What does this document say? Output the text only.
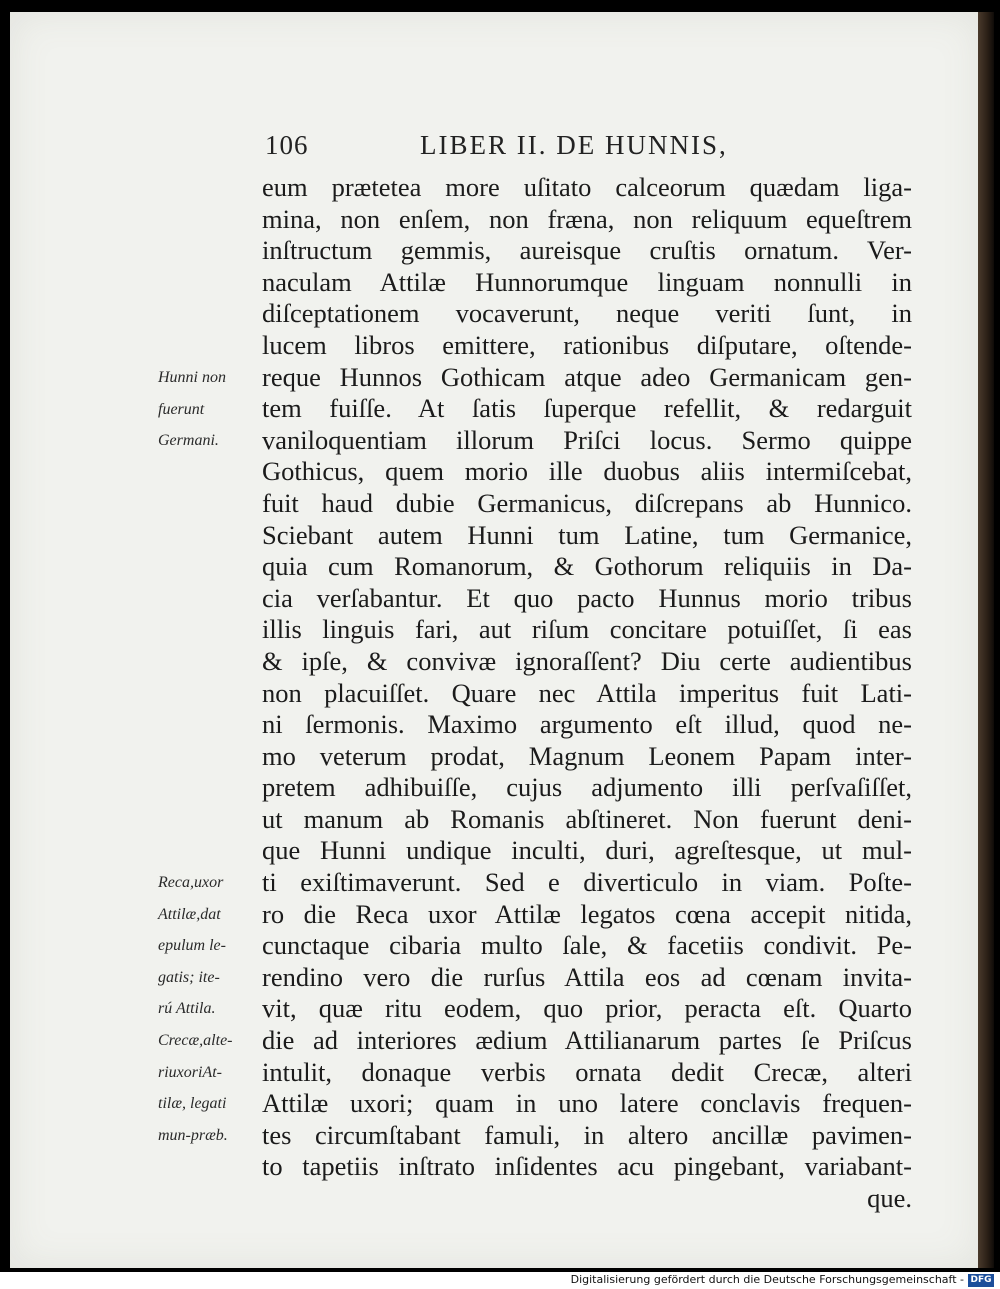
106	LIBER II. DE HUNNIS,
eum prætetea more uſitato calceorum quædam liga-
mina, non enſem, non fræna, non reliquum equeſtrem
inſtructum gemmis, aureisque cruſtis ornatum. Ver-
naculam Attilæ Hunnorumque linguam nonnulli in
diſceptationem vocaverunt, neque veriti ſunt, in
lucem libros emittere, rationibus diſputare, oſtende-
reque Hunnos Gothicam atque adeo Germanicam gen-
tem fuiſſe. At ſatis ſuperque refellit, & redarguit
vaniloquentiam illorum Priſci locus. Sermo quippe
Gothicus, quem morio ille duobus aliis intermiſcebat,
fuit haud dubie Germanicus, diſcrepans ab Hunnico.
Sciebant autem Hunni tum Latine, tum Germanice,
quia cum Romanorum, & Gothorum reliquiis in Da-
cia verſabantur. Et quo pacto Hunnus morio tribus
illis linguis fari, aut riſum concitare potuiſſet, ſi eas
& ipſe, & convivæ ignoraſſent? Diu certe audientibus
non placuiſſet. Quare nec Attila imperitus fuit Lati-
ni ſermonis. Maximo argumento eſt illud, quod ne-
mo veterum prodat, Magnum Leonem Papam inter-
pretem adhibuiſſe, cujus adjumento illi perſvaſiſſet,
ut manum ab Romanis abſtineret. Non fuerunt deni-
que Hunni undique inculti, duri, agreſtesque, ut mul-
ti exiſtimaverunt. Sed e diverticulo in viam. Poſte-
ro die Reca uxor Attilæ legatos cœna accepit nitida,
cunctaque cibaria multo ſale, & facetiis condivit. Pe-
rendino vero die rurſus Attila eos ad cœnam invita-
vit, quæ ritu eodem, quo prior, peracta eſt. Quarto
die ad interiores ædium Attilianarum partes ſe Priſcus
intulit, donaque verbis ornata dedit Crecæ, alteri
Attilæ uxori; quam in uno latere conclavis frequen-
tes circumſtabant famuli, in altero ancillæ pavimen-
to tapetiis inſtrato inſidentes acu pingebant, variabant-
que.
Hunni non
fuerunt
Germani.
Reca,uxor
Attilæ,dat
epulum le-
gatis; ite-
rú Attila.
Crecæ,alte-
riuxoriAt-
tilæ, legati
mun-præb.
Digitalisierung gefördert durch die Deutsche Forschungsgemeinschaft - DFG
